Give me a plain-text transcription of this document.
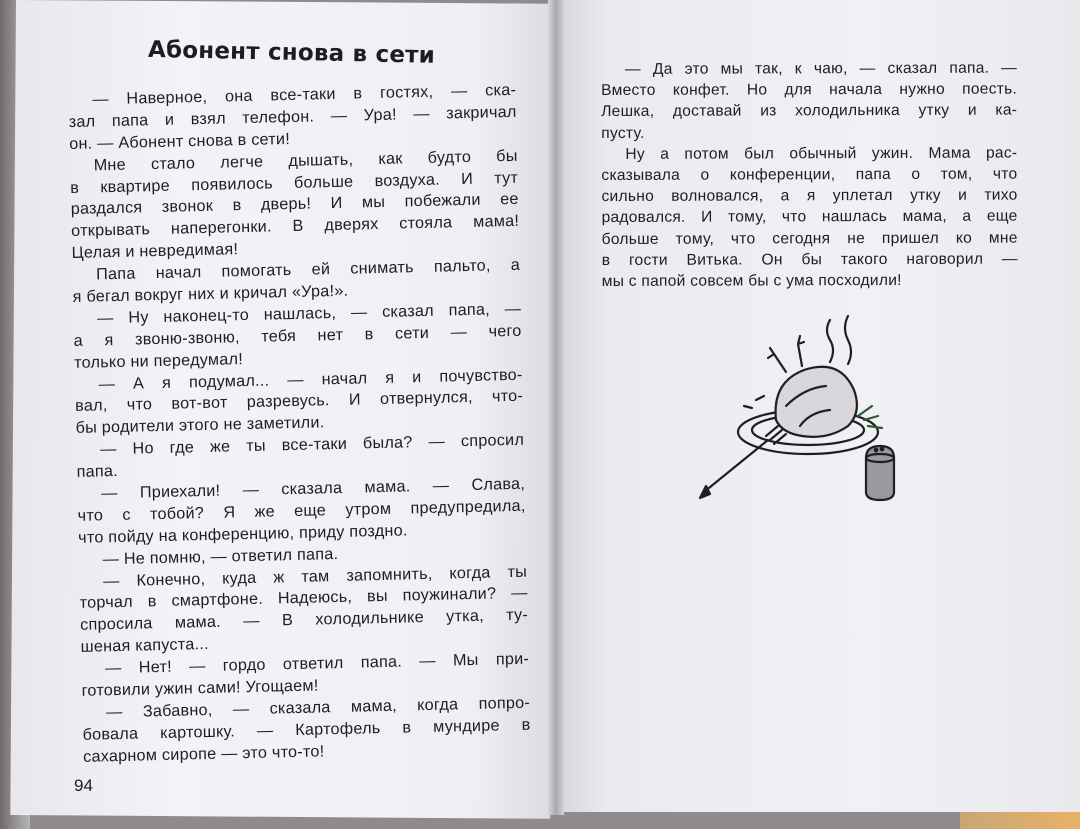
Абонент снова в сети
— Наверное, она все-таки в гостях, — ска-
зал папа и взял телефон. — Ура! — закричал
он. — Абонент снова в сети!
Мне стало легче дышать, как будто бы
в квартире появилось больше воздуха. И тут
раздался звонок в дверь! И мы побежали ее
открывать наперегонки. В дверях стояла мама!
Целая и невредимая!
Папа начал помогать ей снимать пальто, а
я бегал вокруг них и кричал «Ура!».
— Ну наконец-то нашлась, — сказал папа, —
а я звоню-звоню, тебя нет в сети — чего
только ни передумал!
— А я подумал... — начал я и почувство-
вал, что вот-вот разревусь. И отвернулся, что-
бы родители этого не заметили.
— Но где же ты все-таки была? — спросил
папа.
— Приехали! — сказала мама. — Слава,
что с тобой? Я же еще утром предупредила,
что пойду на конференцию, приду поздно.
— Не помню, — ответил папа.
— Конечно, куда ж там запомнить, когда ты
торчал в смартфоне. Надеюсь, вы поужинали? —
спросила мама. — В холодильнике утка, ту-
шеная капуста...
— Нет! — гордо ответил папа. — Мы при-
готовили ужин сами! Угощаем!
— Забавно, — сказала мама, когда попро-
бовала картошку. — Картофель в мундире в
сахарном сиропе — это что-то!
94
— Да это мы так, к чаю, — сказал папа. —
Вместо конфет. Но для начала нужно поесть.
Лешка, доставай из холодильника утку и ка-
пусту.
Ну а потом был обычный ужин. Мама рас-
сказывала о конференции, папа о том, что
сильно волновался, а я уплетал утку и тихо
радовался. И тому, что нашлась мама, а еще
больше тому, что сегодня не пришел ко мне
в гости Витька. Он бы такого наговорил —
мы с папой совсем бы с ума посходили!
